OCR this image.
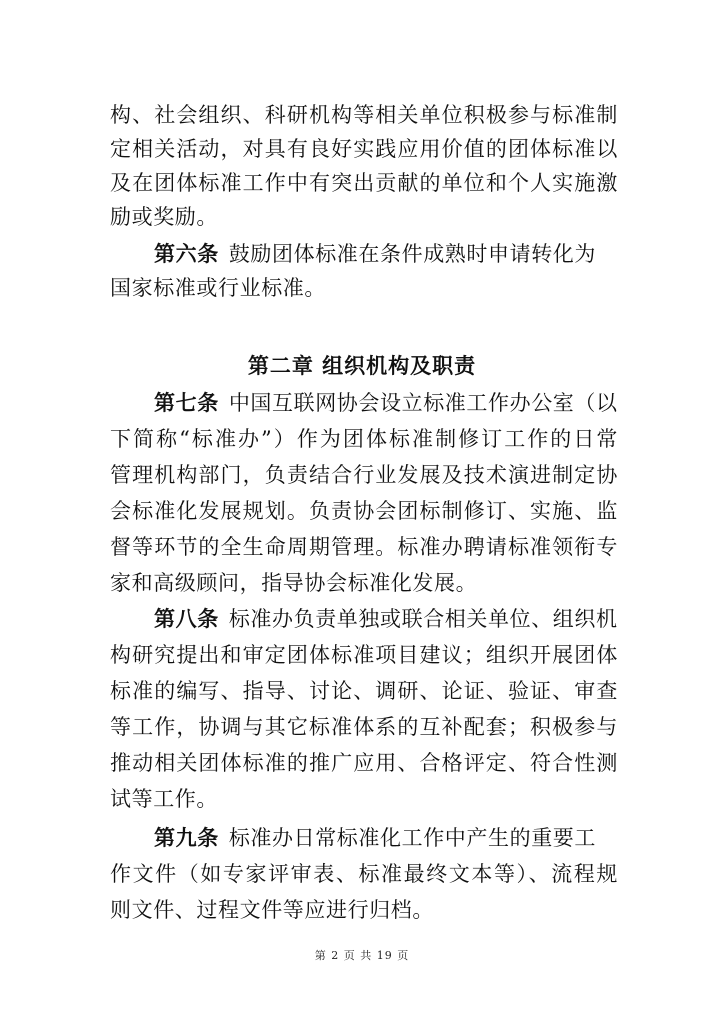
构、社会组织、科研机构等相关单位积极参与标准制
定相关活动，对具有良好实践应用价值的团体标准以
及在团体标准工作中有突出贡献的单位和个人实施激
励或奖励。
第六条 鼓励团体标准在条件成熟时申请转化为
国家标准或行业标准。
第二章 组织机构及职责
第七条 中国互联网协会设立标准工作办公室（以
下简称“标准办”）作为团体标准制修订工作的日常
管理机构部门，负责结合行业发展及技术演进制定协
会标准化发展规划。负责协会团标制修订、实施、监
督等环节的全生命周期管理。标准办聘请标准领衔专
家和高级顾问，指导协会标准化发展。
第八条 标准办负责单独或联合相关单位、组织机
构研究提出和审定团体标准项目建议；组织开展团体
标准的编写、指导、讨论、调研、论证、验证、审查
等工作，协调与其它标准体系的互补配套；积极参与
推动相关团体标准的推广应用、合格评定、符合性测
试等工作。
第九条 标准办日常标准化工作中产生的重要工
作文件（如专家评审表、标准最终文本等）、流程规
则文件、过程文件等应进行归档。
第 2 页 共 19 页
